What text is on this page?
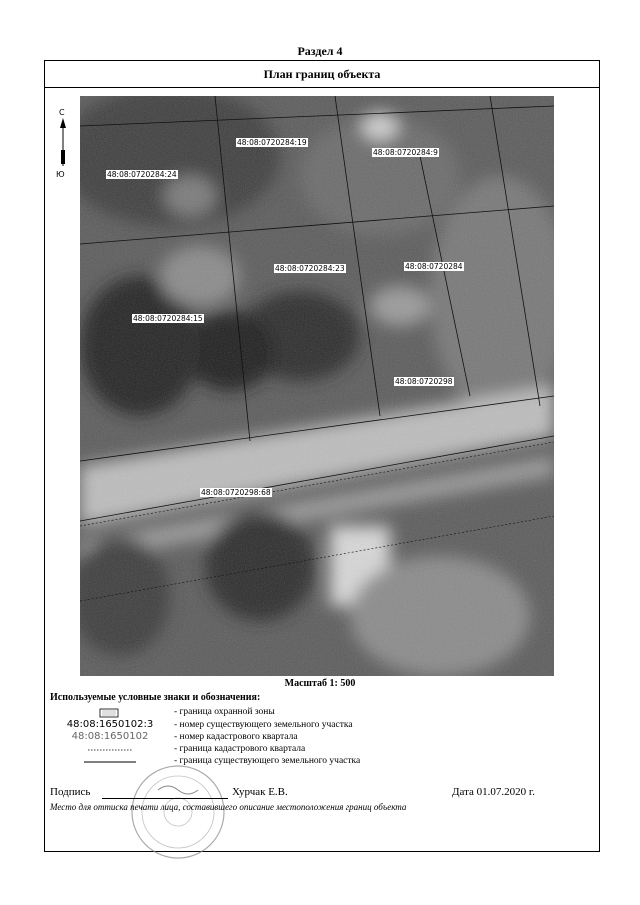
Раздел 4
План границ объекта
С
Ю
48:08:0720284:19
48:08:0720284:9
48:08:0720284:24
48:08:0720284:23	48:08:0720284
48:08:0720284:15
48:08:0720298
48:08:0720298:68
Масштаб 1: 500
Используемые условные знаки и обозначения:
- граница охранной зоны
48:08:1650102:3	- номер существующего земельного участка
48:08:1650102	- номер кадастрового квартала
- граница кадастрового квартала
- граница существующего земельного участка
Подпись	Хурчак Е.В.	Дата 01.07.2020 г.
Место для оттиска печати лица, составившего описание местоположения границ объекта
